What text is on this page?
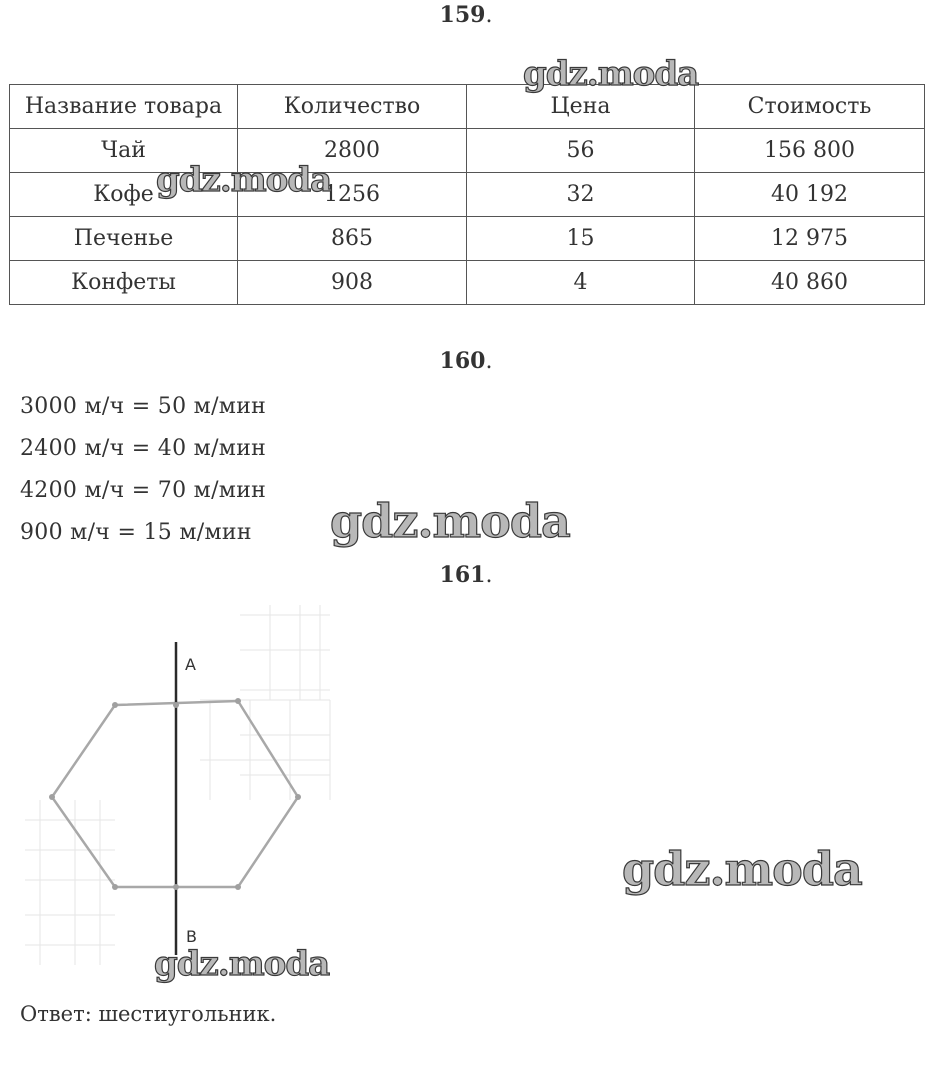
159.
Название товара	Количество	Цена	Стоимость
Чай	2800	56	156 800
Кофе	1256	32	40 192
Печенье	865	15	12 975
Конфеты	908	4	40 860
160.
3000 м/ч = 50 м/мин
2400 м/ч = 40 м/мин
4200 м/ч = 70 м/мин
900 м/ч = 15 м/мин
161.
A
B
Ответ: шестиугольник.
gdz.moda
gdz.moda
gdz.moda
gdz.moda
gdz.moda
